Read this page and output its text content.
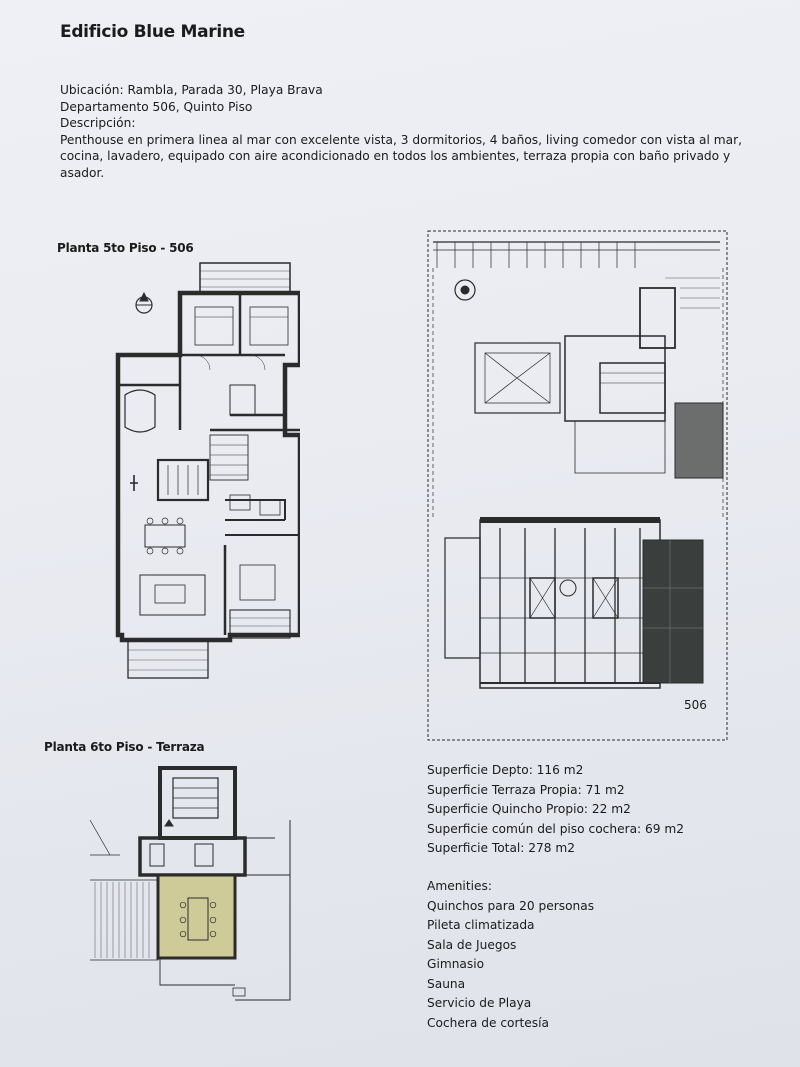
Edificio Blue Marine

Ubicación: Rambla, Parada 30, Playa Brava

Departamento 506, Quinto Piso

Descripción:

Penthouse en primera linea al mar con excelente vista, 3 dormitorios, 4 baños, living comedor con vista al mar,

cocina, lavadero, equipado con aire acondicionado en todos los ambientes, terraza propia con baño privado y

asador.

Planta 5to Piso - 506
506
Planta 6to Piso - Terraza
Superficie Depto: 116 m2
Superficie Terraza Propia: 71 m2
Superficie Quincho Propio: 22 m2
Superficie común del piso cochera: 69 m2
Superficie Total: 278 m2
Amenities:
Quinchos para 20 personas
Pileta climatizada
Sala de Juegos
Gimnasio
Sauna
Servicio de Playa
Cochera de cortesía
